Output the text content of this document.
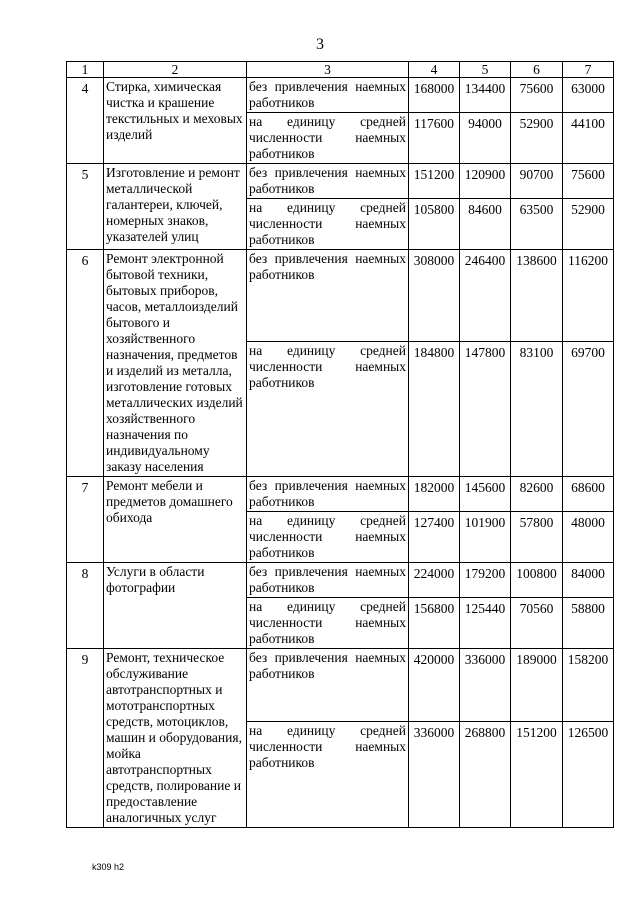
3
1	2	3	4	5	6	7
4	Стирка, химическая чистка и крашение текстильных и меховых изделий	без привлечения наемных работников	168000	134400	75600	63000
		на единицу средней численности наемных работников	117600	94000	52900	44100
5	Изготовление и ремонт металлической галантереи, ключей, номерных знаков, указателей улиц	без привлечения наемных работников	151200	120900	90700	75600
		на единицу средней численности наемных работников	105800	84600	63500	52900
6	Ремонт электронной бытовой техники, бытовых приборов, часов, металлоизделий бытового и хозяйственного назначения, предметов и изделий из металла, изготовление готовых металлических изделий хозяйственного назначения по индивидуальному заказу населения	без привлечения наемных работников	308000	246400	138600	116200
		на единицу средней численности наемных работников	184800	147800	83100	69700
7	Ремонт мебели и предметов домашнего обихода	без привлечения наемных работников	182000	145600	82600	68600
		на единицу средней численности наемных работников	127400	101900	57800	48000
8	Услуги в области фотографии	без привлечения наемных работников	224000	179200	100800	84000
		на единицу средней численности наемных работников	156800	125440	70560	58800
9	Ремонт, техническое обслуживание автотранспортных и мототранспортных средств, мотоциклов, машин и оборудования, мойка автотранспортных средств, полирование и предоставление аналогичных услуг	без привлечения наемных работников	420000	336000	189000	158200
		на единицу средней численности наемных работников	336000	268800	151200	126500
k309 h2
